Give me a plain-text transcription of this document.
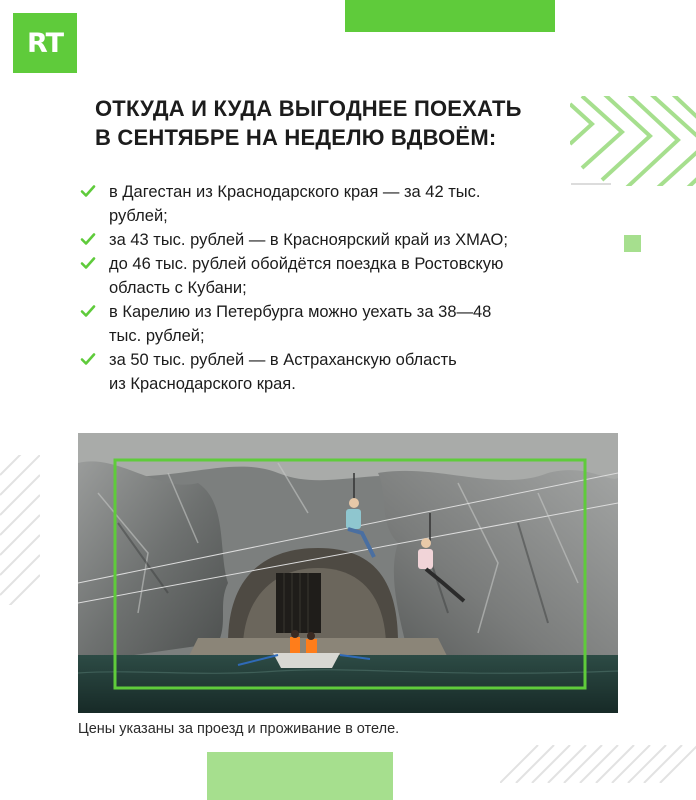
RT
ОТКУДА И КУДА ВЫГОДНЕЕ ПОЕХАТЬ
В СЕНТЯБРЕ НА НЕДЕЛЮ ВДВОЁМ:
в Дагестан из Краснодарского края — за 42 тыс.
рублей;
за 43 тыс. рублей — в Красноярский край из ХМАО;
до 46 тыс. рублей обойдётся поездка в Ростовскую
область с Кубани;
в Карелию из Петербурга можно уехать за 38—48
тыс. рублей;
за 50 тыс. рублей — в Астраханскую область
из Краснодарского края.
Цены указаны за проезд и проживание в отеле.
